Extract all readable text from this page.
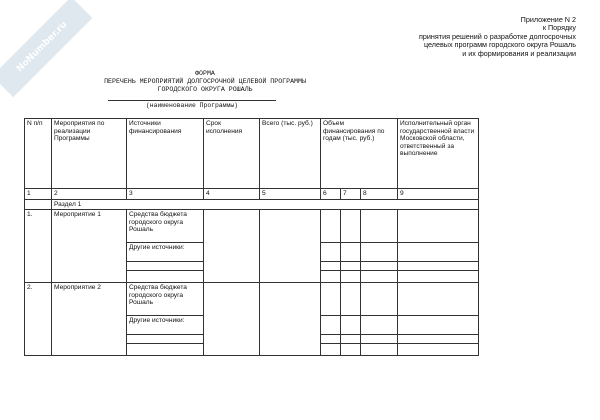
NoNumber.ru
Приложение N 2
к Порядку
принятия решений о разработке долгосрочных
целевых программ городского округа Рошаль
и их формирования и реализации
ФОРМА
ПЕРЕЧЕНЬ МЕРОПРИЯТИЙ ДОЛГОСРОЧНОЙ ЦЕЛЕВОЙ ПРОГРАММЫ
ГОРОДСКОГО ОКРУГА РОШАЛЬ
(наименование Программы)
N п/п	Мероприятия по реализации Программы	Источники финансирования	Срок исполнения	Всего (тыс. руб.)	Объем финансирования по годам (тыс. руб.)			Исполнительный орган государственной власти Московской области, ответственный за выполнение
1	2	3	4	5	6	7	8	9
	Раздел 1							
1.	Мероприятие 1	Средства бюджета городского округа Рошаль						
		Другие источники:						

2.	Мероприятие 2	Средства бюджета городского округа Рошаль						
		Другие источники:						
